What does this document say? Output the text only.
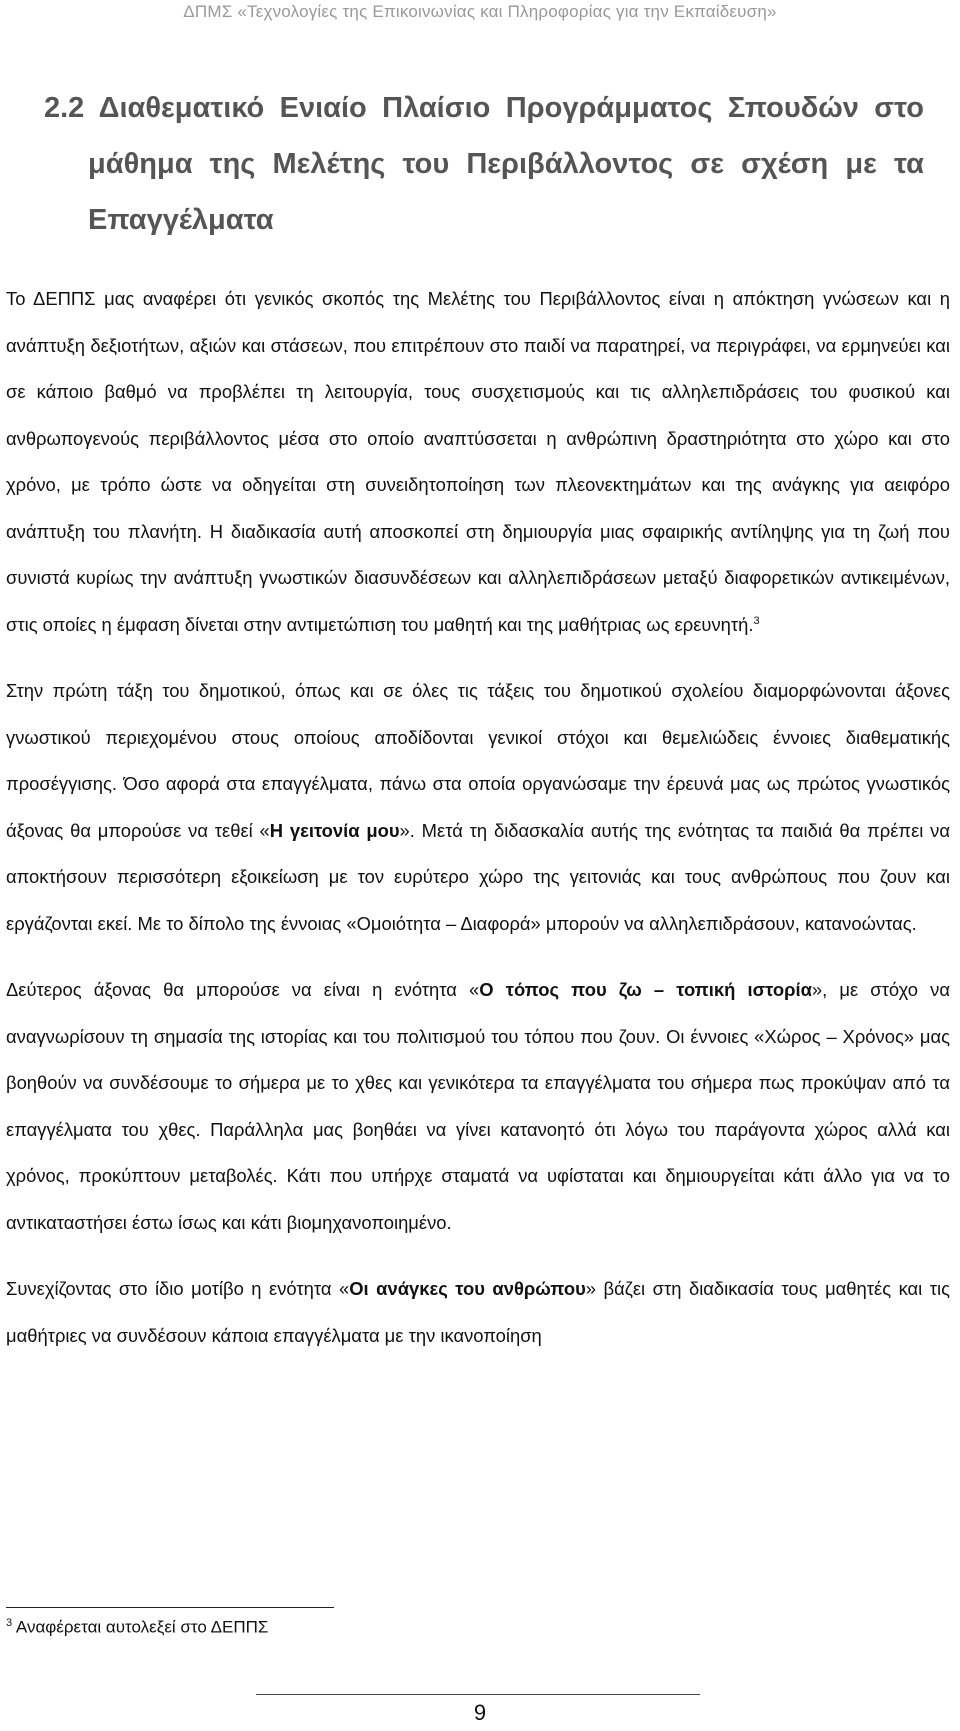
ΔΠΜΣ «Τεχνολογίες της Επικοινωνίας και Πληροφορίας για την Εκπαίδευση»
2.2 Διαθεματικό Ενιαίο Πλαίσιο Προγράμματος Σπουδών στο
μάθημα της Μελέτης του Περιβάλλοντος σε σχέση με τα
Επαγγέλματα

Το ΔΕΠΠΣ μας αναφέρει ότι γενικός σκοπός της Μελέτης του Περιβάλλοντος είναι η απόκτηση γνώσεων και η ανάπτυξη δεξιοτήτων, αξιών και στάσεων, που επιτρέπουν στο παιδί να παρατηρεί, να περιγράφει, να ερμηνεύει και σε κάποιο βαθμό να προβλέπει τη λειτουργία, τους συσχετισμούς και τις αλληλεπιδράσεις του φυσικού και ανθρωπογενούς περιβάλλοντος μέσα στο οποίο αναπτύσσεται η ανθρώπινη δραστηριότητα στο χώρο και στο χρόνο, με τρόπο ώστε να οδηγείται στη συνειδητοποίηση των πλεονεκτημάτων και της ανάγκης για αειφόρο ανάπτυξη του πλανήτη. Η διαδικασία αυτή αποσκοπεί στη δημιουργία μιας σφαιρικής αντίληψης για τη ζωή που συνιστά κυρίως την ανάπτυξη γνωστικών διασυνδέσεων και αλληλεπιδράσεων μεταξύ διαφορετικών αντικειμένων, στις οποίες η έμφαση δίνεται στην αντιμετώπιση του μαθητή και της μαθήτριας ως ερευνητή.$^3$

Στην πρώτη τάξη του δημοτικού, όπως και σε όλες τις τάξεις του δημοτικού σχολείου διαμορφώνονται άξονες γνωστικού περιεχομένου στους οποίους αποδίδονται γενικοί στόχοι και θεμελιώδεις έννοιες διαθεματικής προσέγγισης. Όσο αφορά στα επαγγέλματα, πάνω στα οποία οργανώσαμε την έρευνά μας ως πρώτος γνωστικός άξονας θα μπορούσε να τεθεί «Η γειτονία μου». Μετά τη διδασκαλία αυτής της ενότητας τα παιδιά θα πρέπει να αποκτήσουν περισσότερη εξοικείωση με τον ευρύτερο χώρο της γειτονιάς και τους ανθρώπους που ζουν και εργάζονται εκεί. Με το δίπολο της έννοιας «Ομοιότητα – Διαφορά» μπορούν να αλληλεπιδράσουν, κατανοώντας.

Δεύτερος άξονας θα μπορούσε να είναι η ενότητα «Ο τόπος που ζω – τοπική ιστορία», με στόχο να αναγνωρίσουν τη σημασία της ιστορίας και του πολιτισμού του τόπου που ζουν. Οι έννοιες «Χώρος – Χρόνος» μας βοηθούν να συνδέσουμε το σήμερα με το χθες και γενικότερα τα επαγγέλματα του σήμερα πως προκύψαν από τα επαγγέλματα του χθες. Παράλληλα μας βοηθάει να γίνει κατανοητό ότι λόγω του παράγοντα χώρος αλλά και χρόνος, προκύπτουν μεταβολές. Κάτι που υπήρχε σταματά να υφίσταται και δημιουργείται κάτι άλλο για να το αντικαταστήσει έστω ίσως και κάτι βιομηχανοποιημένο.

Συνεχίζοντας στο ίδιο μοτίβο η ενότητα «Οι ανάγκες του ανθρώπου» βάζει στη διαδικασία τους μαθητές και τις μαθήτριες να συνδέσουν κάποια επαγγέλματα με την ικανοποίηση

$^3$ Αναφέρεται αυτολεξεί στο ΔΕΠΠΣ
9
